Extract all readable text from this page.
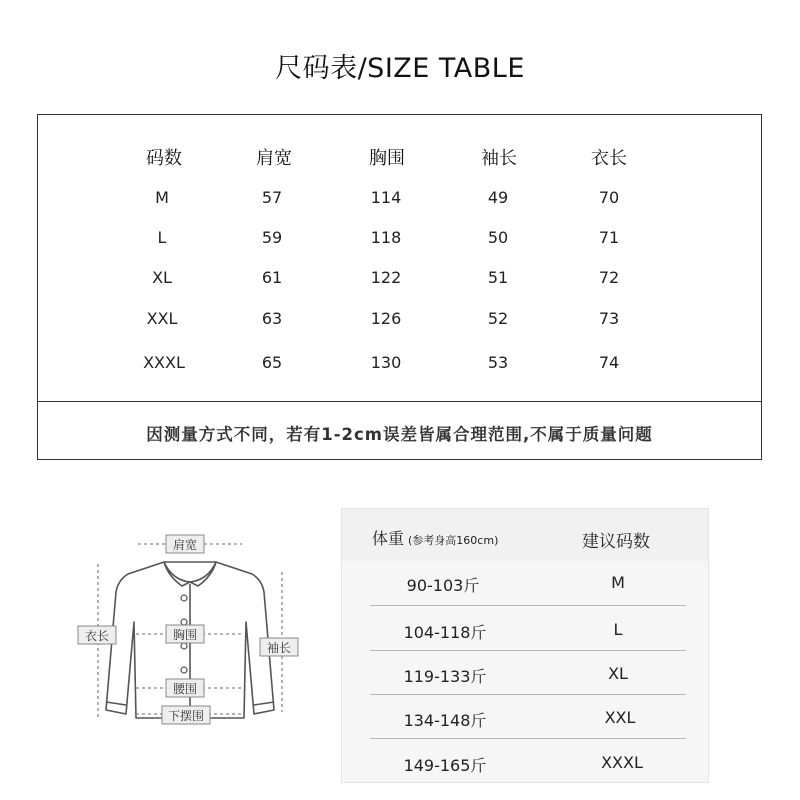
尺码表/SIZE TABLE
码数	肩宽	胸围	袖长	衣长
M	57	114	49	70
L	59	118	50	71
XL	61	122	51	72
XXL	63	126	52	73
XXXL	65	130	53	74
因测量方式不同，若有1-2cm误差皆属合理范围,不属于质量问题
肩宽
胸围
腰围
下摆围
衣长
袖长
体重 (参考身高160cm)	建议码数
90-103斤	M
104-118斤	L
119-133斤	XL
134-148斤	XXL
149-165斤	XXXL
